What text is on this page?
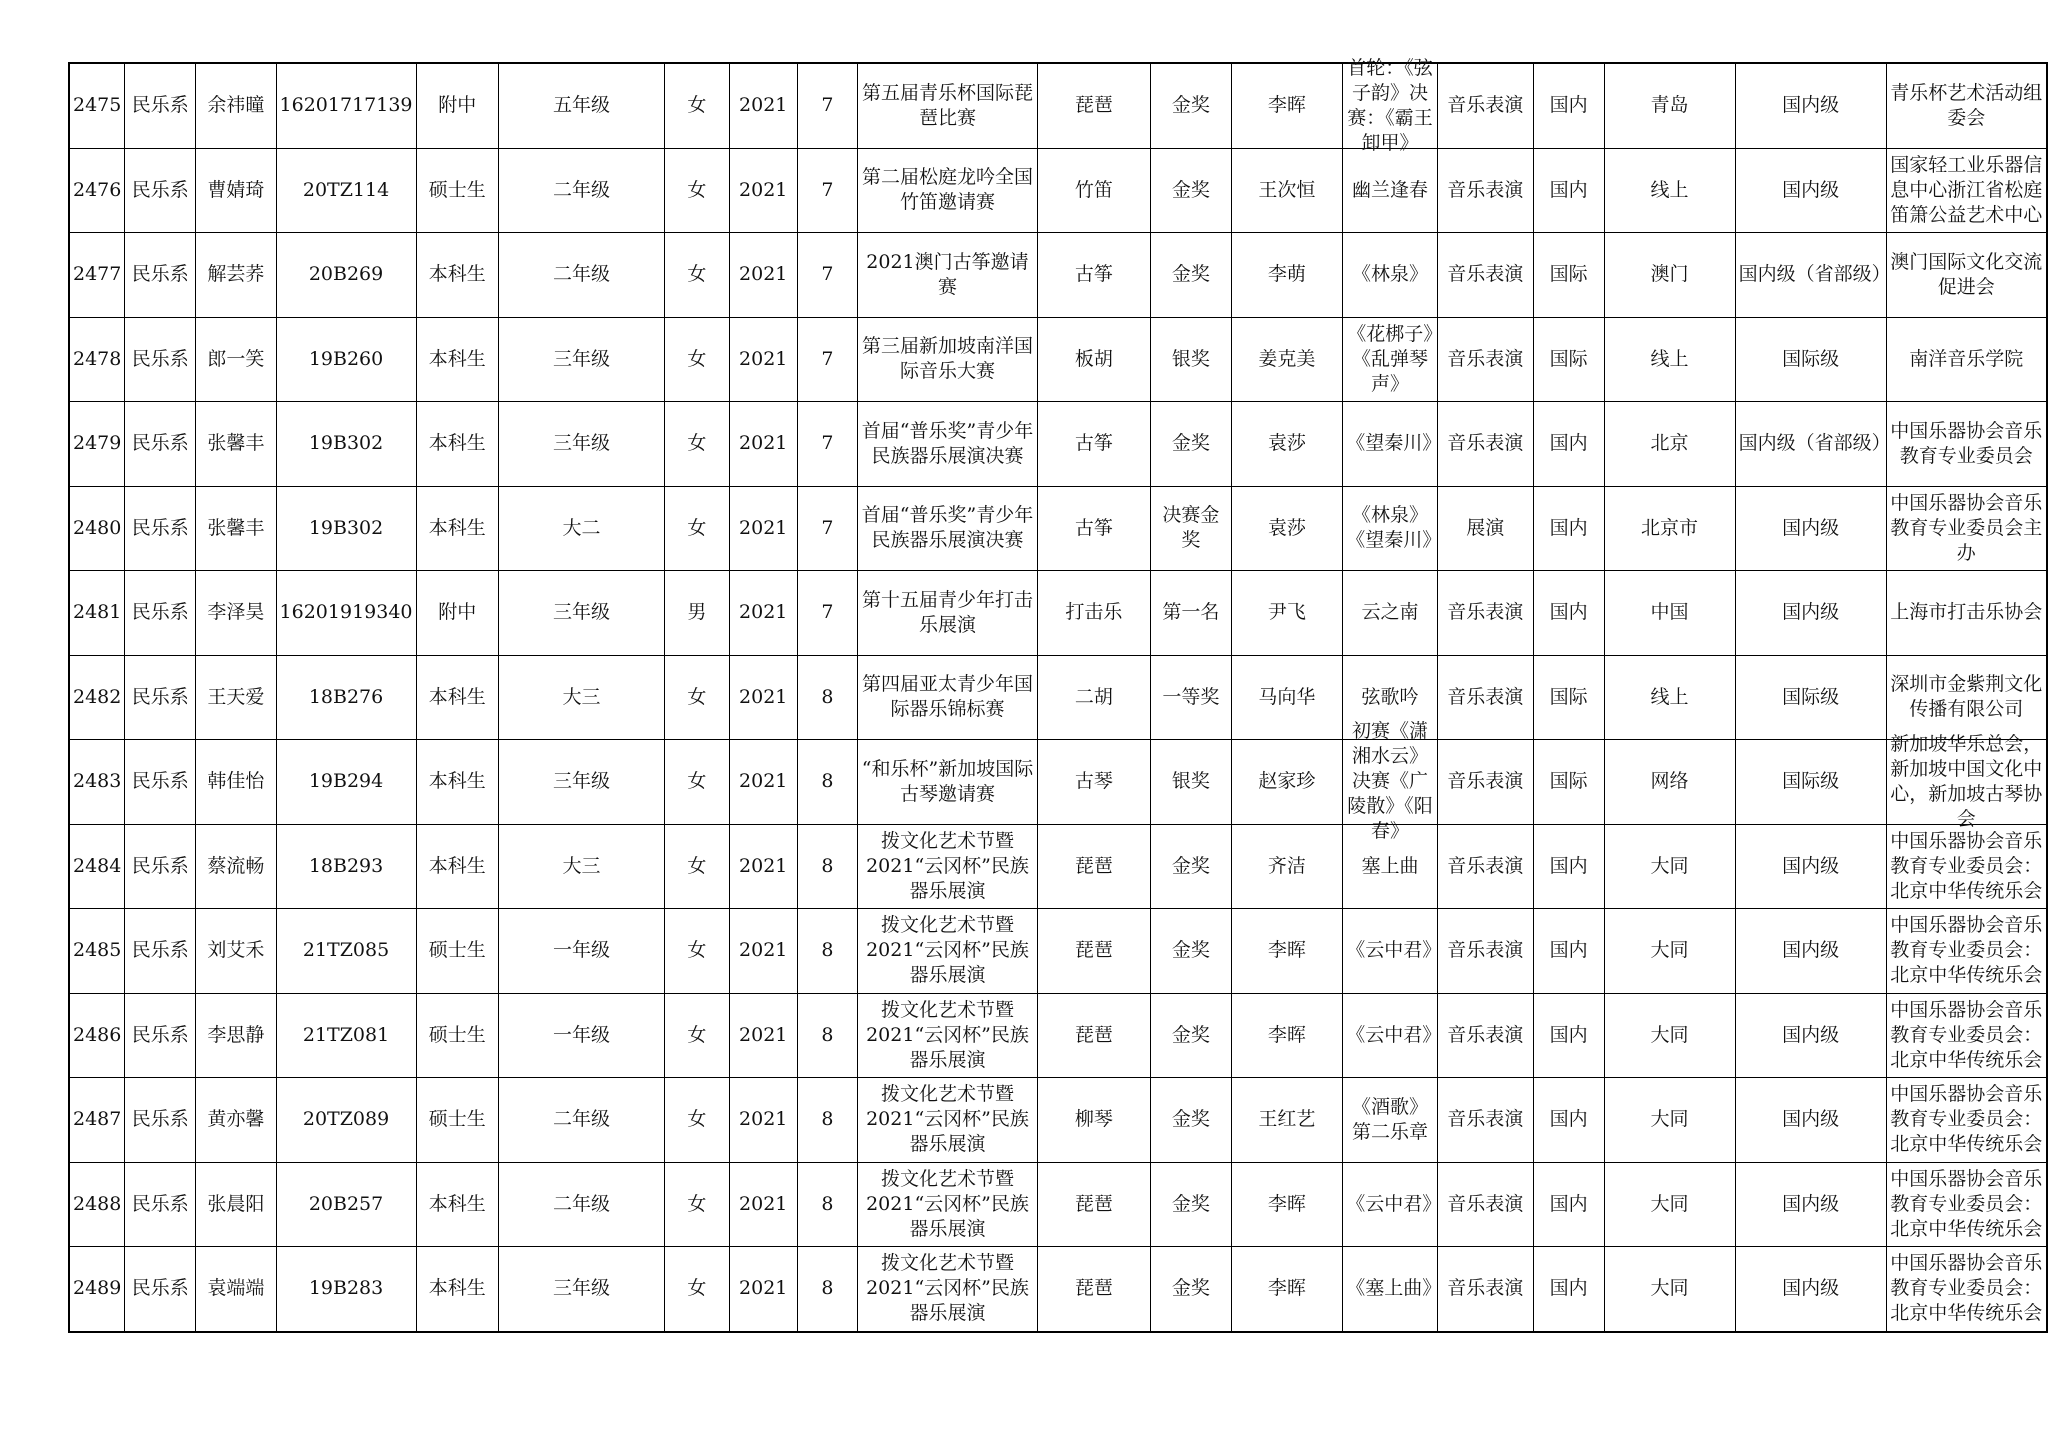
2475	民乐系	余祎曈	16201717139	附中	五年级	女	2021	7	第五届青乐杯国际琵琶比赛	琵琶	金奖	李晖	首轮：《弦子韵》决赛：《霸王卸甲》	音乐表演	国内	青岛	国内级	青乐杯艺术活动组委会

2476	民乐系	曹婧琦	20TZ114	硕士生	二年级	女	2021	7	第二届松庭龙吟全国竹笛邀请赛	竹笛	金奖	王次恒	幽兰逢春	音乐表演	国内	线上	国内级	国家轻工业乐器信息中心浙江省松庭笛箫公益艺术中心

2477	民乐系	解芸荞	20B269	本科生	二年级	女	2021	7	2021澳门古筝邀请赛	古筝	金奖	李萌	《林泉》	音乐表演	国际	澳门	国内级（省部级）	澳门国际文化交流促进会

2478	民乐系	郎一笑	19B260	本科生	三年级	女	2021	7	第三届新加坡南洋国际音乐大赛	板胡	银奖	姜克美	《花梆子》《乱弹琴声》	音乐表演	国际	线上	国际级	南洋音乐学院

2479	民乐系	张馨丰	19B302	本科生	三年级	女	2021	7	首届“普乐奖”青少年民族器乐展演决赛	古筝	金奖	袁莎	《望秦川》	音乐表演	国内	北京	国内级（省部级）	中国乐器协会音乐教育专业委员会

2480	民乐系	张馨丰	19B302	本科生	大二	女	2021	7	首届“普乐奖”青少年民族器乐展演决赛	古筝	决赛金奖	袁莎	《林泉》《望秦川》	展演	国内	北京市	国内级	中国乐器协会音乐教育专业委员会主办

2481	民乐系	李泽昊	16201919340	附中	三年级	男	2021	7	第十五届青少年打击乐展演	打击乐	第一名	尹飞	云之南	音乐表演	国内	中国	国内级	上海市打击乐协会

2482	民乐系	王天爱	18B276	本科生	大三	女	2021	8	第四届亚太青少年国际器乐锦标赛	二胡	一等奖	马向华	弦歌吟	音乐表演	国际	线上	国际级	深圳市金紫荆文化传播有限公司

2483	民乐系	韩佳怡	19B294	本科生	三年级	女	2021	8	“和乐杯”新加坡国际古琴邀请赛	古琴	银奖	赵家珍	初赛《潇湘水云》决赛《广陵散》《阳春》	音乐表演	国际	网络	国际级	新加坡华乐总会，新加坡中国文化中心，新加坡古琴协会

2484	民乐系	蔡流畅	18B293	本科生	大三	女	2021	8	拨文化艺术节暨2021“云冈杯”民族器乐展演	琵琶	金奖	齐洁	塞上曲	音乐表演	国内	大同	国内级	中国乐器协会音乐教育专业委员会：北京中华传统乐会

2485	民乐系	刘艾禾	21TZ085	硕士生	一年级	女	2021	8	拨文化艺术节暨2021“云冈杯”民族器乐展演	琵琶	金奖	李晖	《云中君》	音乐表演	国内	大同	国内级	中国乐器协会音乐教育专业委员会：北京中华传统乐会

2486	民乐系	李思静	21TZ081	硕士生	一年级	女	2021	8	拨文化艺术节暨2021“云冈杯”民族器乐展演	琵琶	金奖	李晖	《云中君》	音乐表演	国内	大同	国内级	中国乐器协会音乐教育专业委员会：北京中华传统乐会

2487	民乐系	黄亦馨	20TZ089	硕士生	二年级	女	2021	8	拨文化艺术节暨2021“云冈杯”民族器乐展演	柳琴	金奖	王红艺	《酒歌》第二乐章	音乐表演	国内	大同	国内级	中国乐器协会音乐教育专业委员会：北京中华传统乐会

2488	民乐系	张晨阳	20B257	本科生	二年级	女	2021	8	拨文化艺术节暨2021“云冈杯”民族器乐展演	琵琶	金奖	李晖	《云中君》	音乐表演	国内	大同	国内级	中国乐器协会音乐教育专业委员会：北京中华传统乐会

2489	民乐系	袁端端	19B283	本科生	三年级	女	2021	8	拨文化艺术节暨2021“云冈杯”民族器乐展演	琵琶	金奖	李晖	《塞上曲》	音乐表演	国内	大同	国内级	中国乐器协会音乐教育专业委员会：北京中华传统乐会
